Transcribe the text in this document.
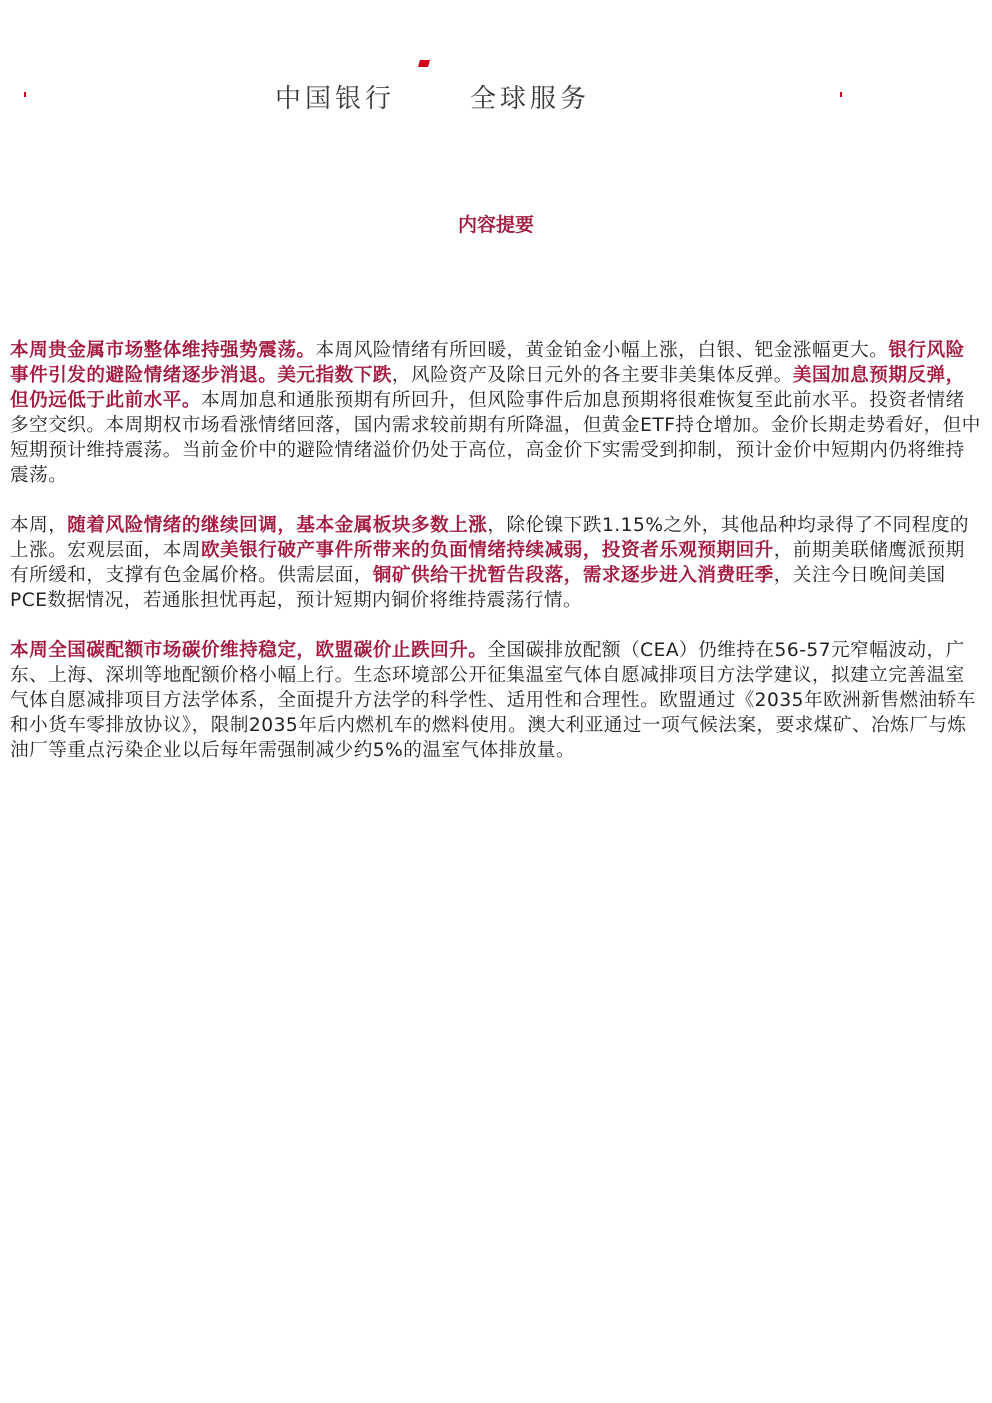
中国银行	全球服务
内容提要

本周贵金属市场整体维持强势震荡。本周风险情绪有所回暖，黄金铂金小幅上涨，白银、钯金涨幅更大。银行风险事件引发的避险情绪逐步消退。美元指数下跌，风险资产及除日元外的各主要非美集体反弹。美国加息预期反弹，但仍远低于此前水平。本周加息和通胀预期有所回升，但风险事件后加息预期将很难恢复至此前水平。投资者情绪多空交织。本周期权市场看涨情绪回落，国内需求较前期有所降温，但黄金ETF持仓增加。金价长期走势看好，但中短期预计维持震荡。当前金价中的避险情绪溢价仍处于高位，高金价下实需受到抑制，预计金价中短期内仍将维持震荡。

本周，随着风险情绪的继续回调，基本金属板块多数上涨，除伦镍下跌1.15%之外，其他品种均录得了不同程度的上涨。宏观层面，本周欧美银行破产事件所带来的负面情绪持续减弱，投资者乐观预期回升，前期美联储鹰派预期有所缓和，支撑有色金属价格。供需层面，铜矿供给干扰暂告段落，需求逐步进入消费旺季，关注今日晚间美国PCE数据情况，若通胀担忧再起，预计短期内铜价将维持震荡行情。

本周全国碳配额市场碳价维持稳定，欧盟碳价止跌回升。全国碳排放配额（CEA）仍维持在56-57元窄幅波动，广东、上海、深圳等地配额价格小幅上行。生态环境部公开征集温室气体自愿减排项目方法学建议，拟建立完善温室气体自愿减排项目方法学体系，全面提升方法学的科学性、适用性和合理性。欧盟通过《2035年欧洲新售燃油轿车和小货车零排放协议》，限制2035年后内燃机车的燃料使用。澳大利亚通过一项气候法案，要求煤矿、冶炼厂与炼油厂等重点污染企业以后每年需强制减少约5%的温室气体排放量。
